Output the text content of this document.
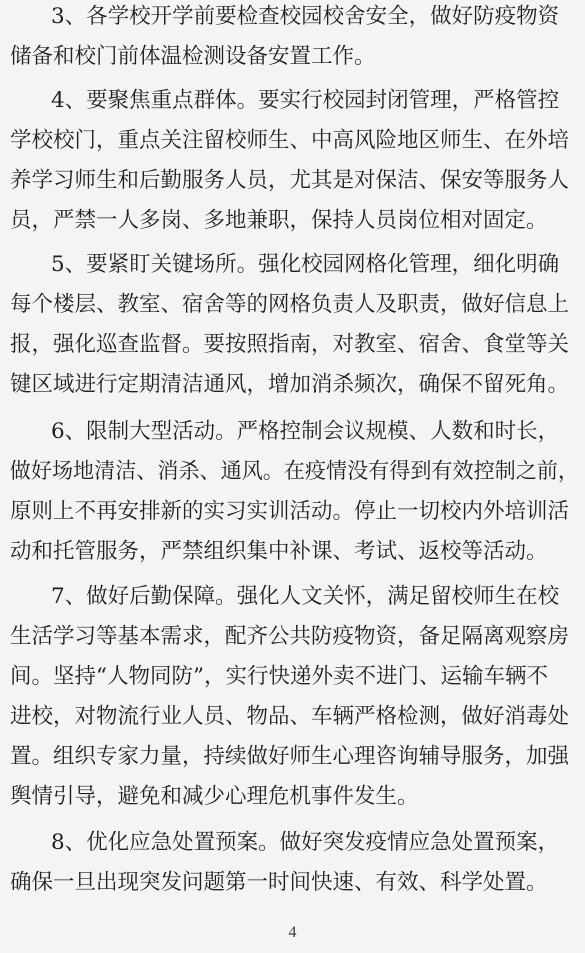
3、各学校开学前要检查校园校舍安全，做好防疫物资
储备和校门前体温检测设备安置工作。
4、要聚焦重点群体。要实行校园封闭管理，严格管控
学校校门，重点关注留校师生、中高风险地区师生、在外培
养学习师生和后勤服务人员，尤其是对保洁、保安等服务人
员，严禁一人多岗、多地兼职，保持人员岗位相对固定。
5、要紧盯关键场所。强化校园网格化管理，细化明确
每个楼层、教室、宿舍等的网格负责人及职责，做好信息上
报，强化巡查监督。要按照指南，对教室、宿舍、食堂等关
键区域进行定期清洁通风，增加消杀频次，确保不留死角。
6、限制大型活动。严格控制会议规模、人数和时长，
做好场地清洁、消杀、通风。在疫情没有得到有效控制之前，
原则上不再安排新的实习实训活动。停止一切校内外培训活
动和托管服务，严禁组织集中补课、考试、返校等活动。
7、做好后勤保障。强化人文关怀，满足留校师生在校
生活学习等基本需求，配齐公共防疫物资，备足隔离观察房
间。坚持“人物同防”，实行快递外卖不进门、运输车辆不
进校，对物流行业人员、物品、车辆严格检测，做好消毒处
置。组织专家力量，持续做好师生心理咨询辅导服务，加强
舆情引导，避免和减少心理危机事件发生。
8、优化应急处置预案。做好突发疫情应急处置预案，
确保一旦出现突发问题第一时间快速、有效、科学处置。
4
